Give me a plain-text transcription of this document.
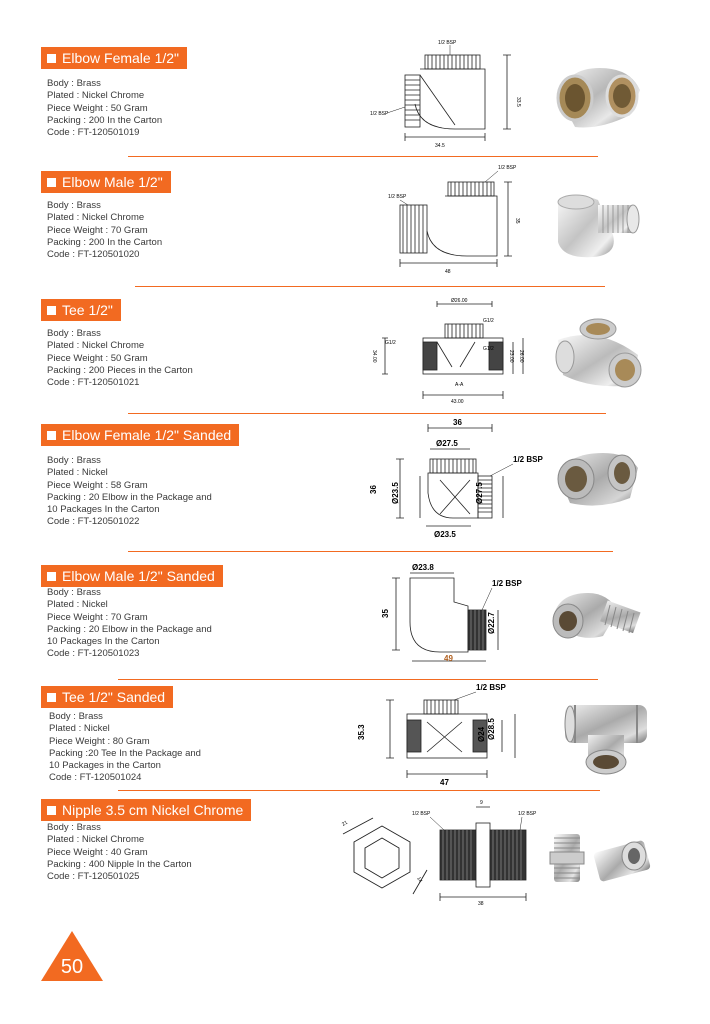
Elbow Female 1/2"
Body : Brass
Plated : Nickel Chrome
Piece Weight : 50 Gram
Packing : 200 In the Carton
Code : FT-120501019
1/2 BSP
1/2 BSP
34.5
33.5
Elbow Male 1/2"
Body : Brass
Plated : Nickel Chrome
Piece Weight : 70 Gram
Packing : 200 In the Carton
Code : FT-120501020
1/2 BSP
1/2 BSP
48
35
Tee 1/2"
Body : Brass
Plated : Nickel Chrome
Piece Weight : 50 Gram
Packing : 200 Pieces in the Carton
Code : FT-120501021
Ø26.00
G1/2
G1/2
G1/2
34.00	23.00 26.00
A-A
43.00
Elbow Female 1/2" Sanded
Body : Brass
Plated : Nickel
Piece Weight : 58 Gram
Packing : 20 Elbow in the Package and
10 Packages In the Carton
Code : FT-120501022
36
Ø27.5
1/2 BSP
36 Ø23.5	Ø27.5
Ø23.5
Elbow Male 1/2" Sanded
Body : Brass
Plated : Nickel
Piece Weight : 70 Gram
Packing : 20 Elbow in the Package and
10 Packages In the Carton
Code : FT-120501023
Ø23.8
1/2 BSP
35	Ø22.7
49
Tee 1/2" Sanded
Body : Brass
Plated : Nickel
Piece Weight : 80 Gram
Packing :20 Tee In the Package and
10 Packages in the Carton
Code : FT-120501024
1/2 BSP
35.3	Ø24 Ø28.5
47
Nipple 3.5 cm Nickel Chrome
Body : Brass
Plated : Nickel Chrome
Piece Weight : 40 Gram
Packing : 400 Nipple In the Carton
Code : FT-120501025
21
14
1/2 BSP
9
1/2 BSP
38
50
